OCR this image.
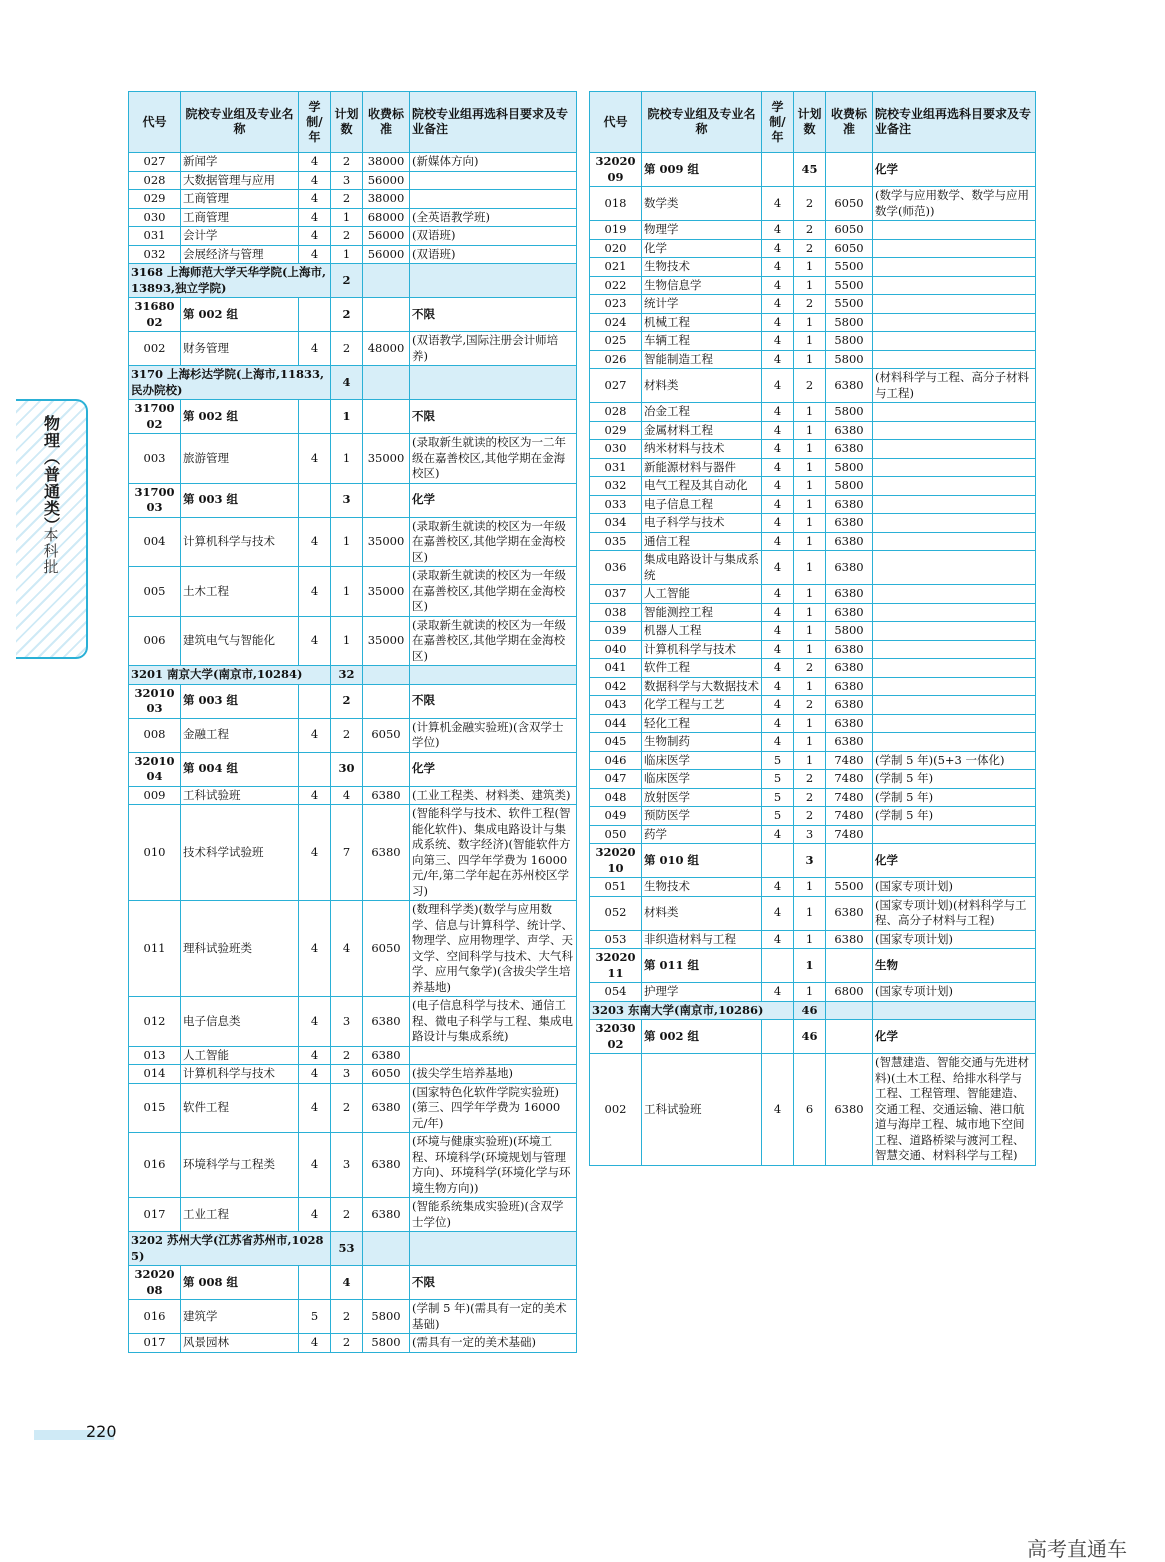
物理（普通类）
本科批
代号	院校专业组及专业名称	学制/年	计划数	收费标准	院校专业组再选科目要求及专业备注
027	新闻学	4	2	38000	(新媒体方向)
028	大数据管理与应用	4	3	56000	
029	工商管理	4	2	38000	
030	工商管理	4	1	68000	(全英语教学班)
031	会计学	4	2	56000	(双语班)
032	会展经济与管理	4	1	56000	(双语班)
3168 上海师范大学天华学院(上海市,13893,独立学院)			2		
3168002	第 002 组		2		不限
002	财务管理	4	2	48000	(双语教学,国际注册会计师培养)
3170 上海杉达学院(上海市,11833,民办院校)			4		
3170002	第 002 组		1		不限
003	旅游管理	4	1	35000	(录取新生就读的校区为一二年级在嘉善校区,其他学期在金海校区)
3170003	第 003 组		3		化学
004	计算机科学与技术	4	1	35000	(录取新生就读的校区为一年级在嘉善校区,其他学期在金海校区)
005	土木工程	4	1	35000	(录取新生就读的校区为一年级在嘉善校区,其他学期在金海校区)
006	建筑电气与智能化	4	1	35000	(录取新生就读的校区为一年级在嘉善校区,其他学期在金海校区)
3201 南京大学(南京市,10284)			32		
3201003	第 003 组		2		不限
008	金融工程	4	2	6050	(计算机金融实验班)(含双学士学位)
3201004	第 004 组		30		化学
009	工科试验班	4	4	6380	(工业工程类、材料类、建筑类)
010	技术科学试验班	4	7	6380	(智能科学与技术、软件工程(智能化软件)、集成电路设计与集成系统、数字经济)(智能软件方向第三、四学年学费为 16000 元/年,第二学年起在苏州校区学习)
011	理科试验班类	4	4	6050	(数理科学类)(数学与应用数学、信息与计算科学、统计学、物理学、应用物理学、声学、天文学、空间科学与技术、大气科学、应用气象学)(含拔尖学生培养基地)
012	电子信息类	4	3	6380	(电子信息科学与技术、通信工程、微电子科学与工程、集成电路设计与集成系统)
013	人工智能	4	2	6380	
014	计算机科学与技术	4	3	6050	(拔尖学生培养基地)
015	软件工程	4	2	6380	(国家特色化软件学院实验班)(第三、四学年学费为 16000 元/年)
016	环境科学与工程类	4	3	6380	(环境与健康实验班)(环境工程、环境科学(环境规划与管理方向)、环境科学(环境化学与环境生物方向))
017	工业工程	4	2	6380	(智能系统集成实验班)(含双学士学位)
3202 苏州大学(江苏省苏州市,10285)			53		
3202008	第 008 组		4		不限
016	建筑学	5	2	5800	(学制 5 年)(需具有一定的美术基础)
017	风景园林	4	2	5800	(需具有一定的美术基础)
代号	院校专业组及专业名称	学制/年	计划数	收费标准	院校专业组再选科目要求及专业备注
3202009	第 009 组		45		化学
018	数学类	4	2	6050	(数学与应用数学、数学与应用数学(师范))
019	物理学	4	2	6050	
020	化学	4	2	6050	
021	生物技术	4	1	5500	
022	生物信息学	4	1	5500	
023	统计学	4	2	5500	
024	机械工程	4	1	5800	
025	车辆工程	4	1	5800	
026	智能制造工程	4	1	5800	
027	材料类	4	2	6380	(材料科学与工程、高分子材料与工程)
028	冶金工程	4	1	5800	
029	金属材料工程	4	1	6380	
030	纳米材料与技术	4	1	6380	
031	新能源材料与器件	4	1	5800	
032	电气工程及其自动化	4	1	5800	
033	电子信息工程	4	1	6380	
034	电子科学与技术	4	1	6380	
035	通信工程	4	1	6380	
036	集成电路设计与集成系统	4	1	6380	
037	人工智能	4	1	6380	
038	智能测控工程	4	1	6380	
039	机器人工程	4	1	5800	
040	计算机科学与技术	4	1	6380	
041	软件工程	4	2	6380	
042	数据科学与大数据技术	4	1	6380	
043	化学工程与工艺	4	2	6380	
044	轻化工程	4	1	6380	
045	生物制药	4	1	6380	
046	临床医学	5	1	7480	(学制 5 年)(5+3 一体化)
047	临床医学	5	2	7480	(学制 5 年)
048	放射医学	5	2	7480	(学制 5 年)
049	预防医学	5	2	7480	(学制 5 年)
050	药学	4	3	7480	
3202010	第 010 组		3		化学
051	生物技术	4	1	5500	(国家专项计划)
052	材料类	4	1	6380	(国家专项计划)(材料科学与工程、高分子材料与工程)
053	非织造材料与工程	4	1	6380	(国家专项计划)
3202011	第 011 组		1		生物
054	护理学	4	1	6800	(国家专项计划)
3203 东南大学(南京市,10286)			46		
3203002	第 002 组		46		化学
002	工科试验班	4	6	6380	(智慧建造、智能交通与先进材料)(土木工程、给排水科学与工程、工程管理、智能建造、交通工程、交通运输、港口航道与海岸工程、城市地下空间工程、道路桥梁与渡河工程、智慧交通、材料科学与工程)
220
高考直通车
